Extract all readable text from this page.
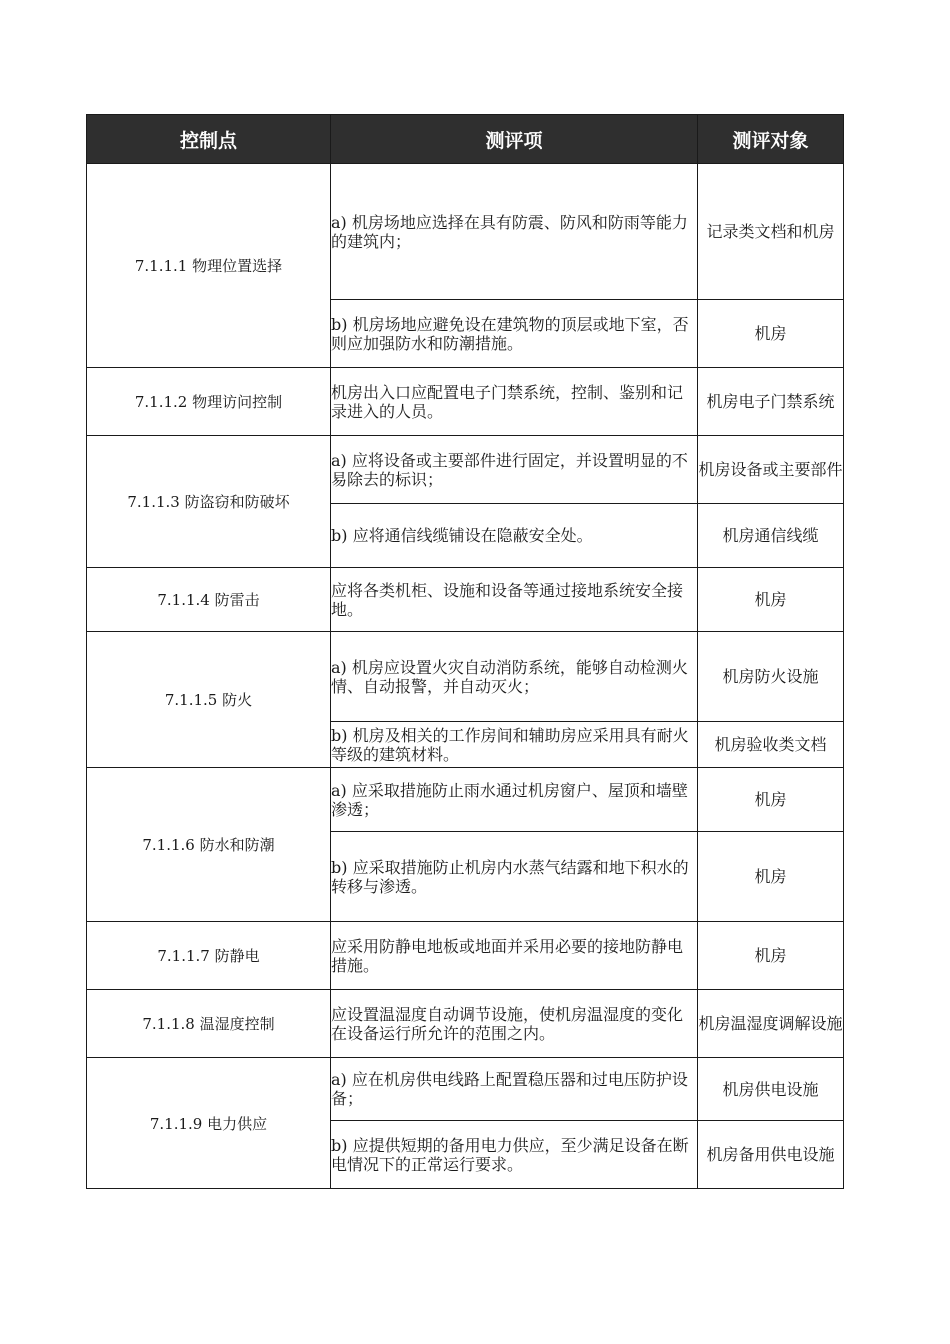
控制点	测评项	测评对象
7.1.1.1 物理位置选择	a) 机房场地应选择在具有防震、防风和防雨等能力的建筑内；	记录类文档和机房
	b) 机房场地应避免设在建筑物的顶层或地下室，否则应加强防水和防潮措施。	机房
7.1.1.2 物理访问控制	机房出入口应配置电子门禁系统，控制、鉴别和记录进入的人员。	机房电子门禁系统
7.1.1.3 防盗窃和防破坏	a) 应将设备或主要部件进行固定，并设置明显的不易除去的标识；	机房设备或主要部件
	b) 应将通信线缆铺设在隐蔽安全处。	机房通信线缆
7.1.1.4 防雷击	应将各类机柜、设施和设备等通过接地系统安全接地。	机房
7.1.1.5 防火	a) 机房应设置火灾自动消防系统，能够自动检测火情、自动报警，并自动灭火；	机房防火设施
	b) 机房及相关的工作房间和辅助房应采用具有耐火等级的建筑材料。	机房验收类文档
7.1.1.6 防水和防潮	a) 应采取措施防止雨水通过机房窗户、屋顶和墙壁渗透；	机房
	b) 应采取措施防止机房内水蒸气结露和地下积水的转移与渗透。	机房
7.1.1.7 防静电	应采用防静电地板或地面并采用必要的接地防静电措施。	机房
7.1.1.8 温湿度控制	应设置温湿度自动调节设施，使机房温湿度的变化在设备运行所允许的范围之内。	机房温湿度调解设施
7.1.1.9 电力供应	a) 应在机房供电线路上配置稳压器和过电压防护设备；	机房供电设施
	b) 应提供短期的备用电力供应，至少满足设备在断电情况下的正常运行要求。	机房备用供电设施
